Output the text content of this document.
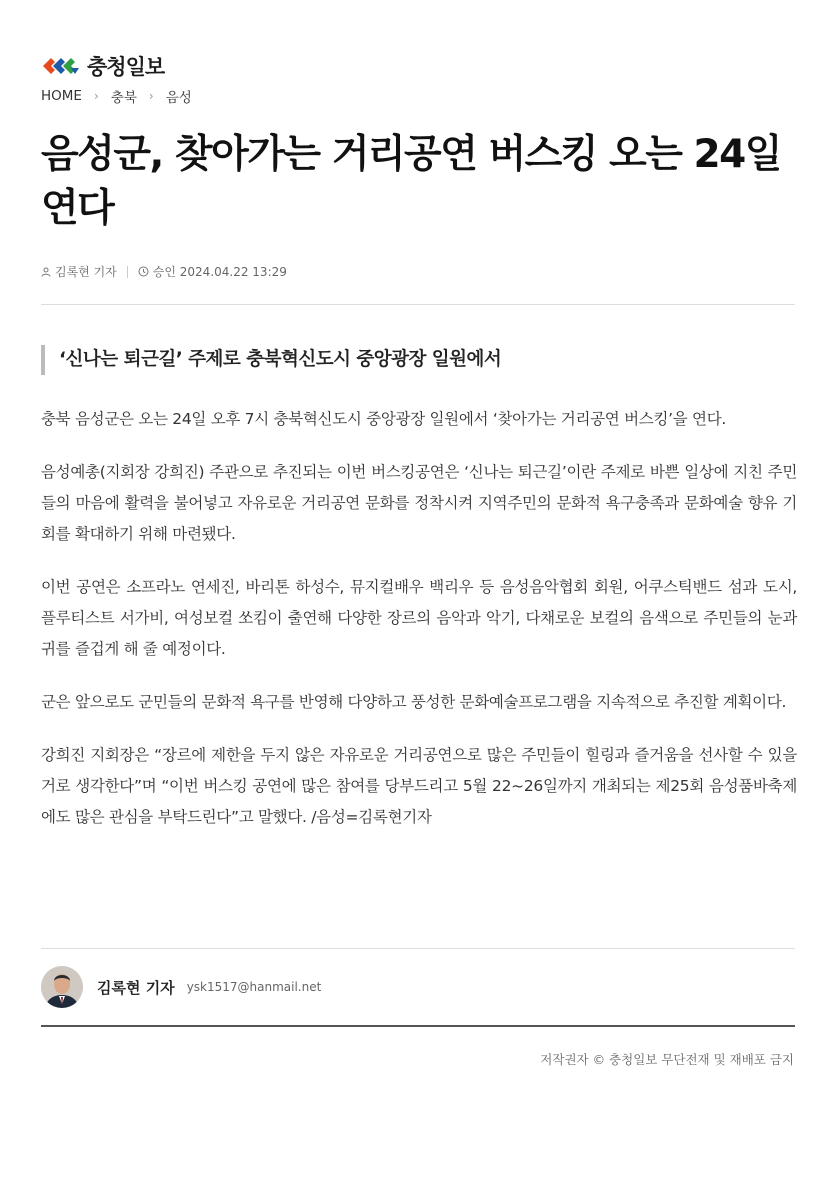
충청일보
HOME › 충북 › 음성
음성군, 찾아가는 거리공연 버스킹 오는 24일 연다
김록현 기자	승인 2024.04.22 13:29
‘신나는 퇴근길’ 주제로 충북혁신도시 중앙광장 일원에서

충북 음성군은 오는 24일 오후 7시 충북혁신도시 중앙광장 일원에서 ‘찾아가는 거리공연 버스킹’을 연다.

음성예총(지회장 강희진) 주관으로 추진되는 이번 버스킹공연은 ‘신나는 퇴근길’이란 주제로 바쁜 일상에 지친 주민들의 마음에 활력을 불어넣고 자유로운 거리공연 문화를 정착시켜 지역주민의 문화적 욕구충족과 문화예술 향유 기회를 확대하기 위해 마련됐다.

이번 공연은 소프라노 연세진, 바리톤 하성수, 뮤지컬배우 백리우 등 음성음악협회 회원, 어쿠스틱밴드 섬과 도시, 플루티스트 서가비, 여성보컬 쏘킴이 출연해 다양한 장르의 음악과 악기, 다채로운 보컬의 음색으로 주민들의 눈과 귀를 즐겁게 해 줄 예정이다.

군은 앞으로도 군민들의 문화적 욕구를 반영해 다양하고 풍성한 문화예술프로그램을 지속적으로 추진할 계획이다.

강희진 지회장은 “장르에 제한을 두지 않은 자유로운 거리공연으로 많은 주민들이 힐링과 즐거움을 선사할 수 있을 거로 생각한다”며 “이번 버스킹 공연에 많은 참여를 당부드리고 5월 22~26일까지 개최되는 제25회 음성품바축제에도 많은 관심을 부탁드린다”고 말했다. /음성=김록현기자

김록현 기자 ysk1517@hanmail.net
저작권자 © 충청일보 무단전재 및 재배포 금지
